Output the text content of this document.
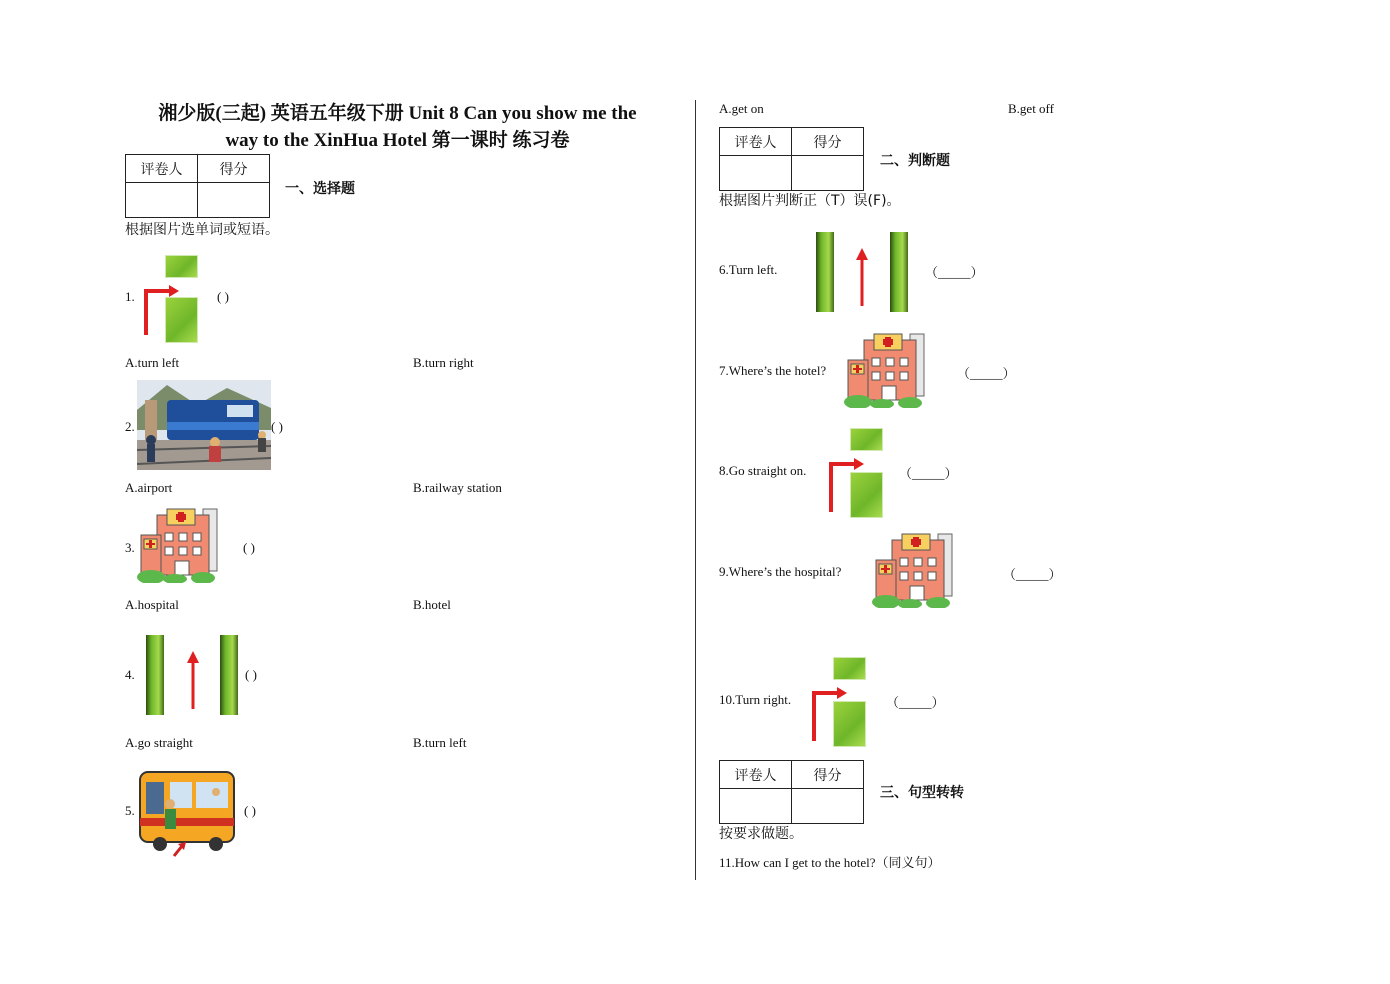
湘少版(三起) 英语五年级下册 Unit 8 Can you show me the
way to the XinHua Hotel 第一课时 练习卷
评卷人	得分

一、选择题
根据图片选单词或短语。
1.	( )
A.turn left	B.turn right
2.	( )
A.airport	B.railway station
3.	( )
A.hospital	B.hotel
4.	( )
A.go straight	B.turn left
5.	( )
A.get on	B.get off
评卷人	得分

二、判断题
根据图片判断正（T）误(F)。
6.Turn left.	（_____）
7.Where’s the hotel?	（_____）
8.Go straight on.	（_____）
9.Where’s the hospital?	（_____）
10.Turn right.	（_____）
评卷人	得分

三、句型转转
按要求做题。
11.How can I get to the hotel?（同义句）
